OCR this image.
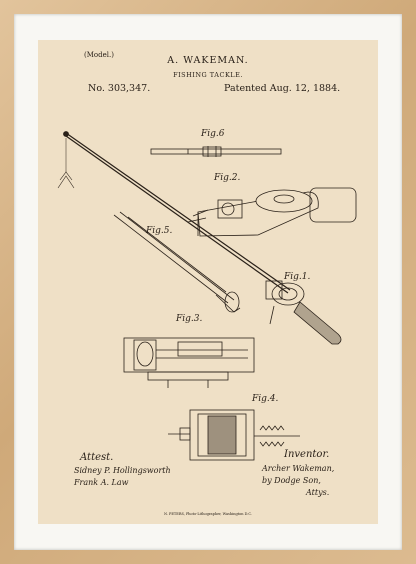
(Model.)	A. WAKEMAN.
FISHING TACKLE.
No. 303,347.	Patented Aug. 12, 1884.
Fig.6
Fig.2.
Fig.5.
Fig.1.
Fig.3.
Fig.4.
Attest.
Sidney P. Hollingsworth
Frank A. Law
Inventor.
Archer Wakeman,
by Dodge Son,
Attys.
N. PETERS, Photo-Lithographer, Washington D.C.
